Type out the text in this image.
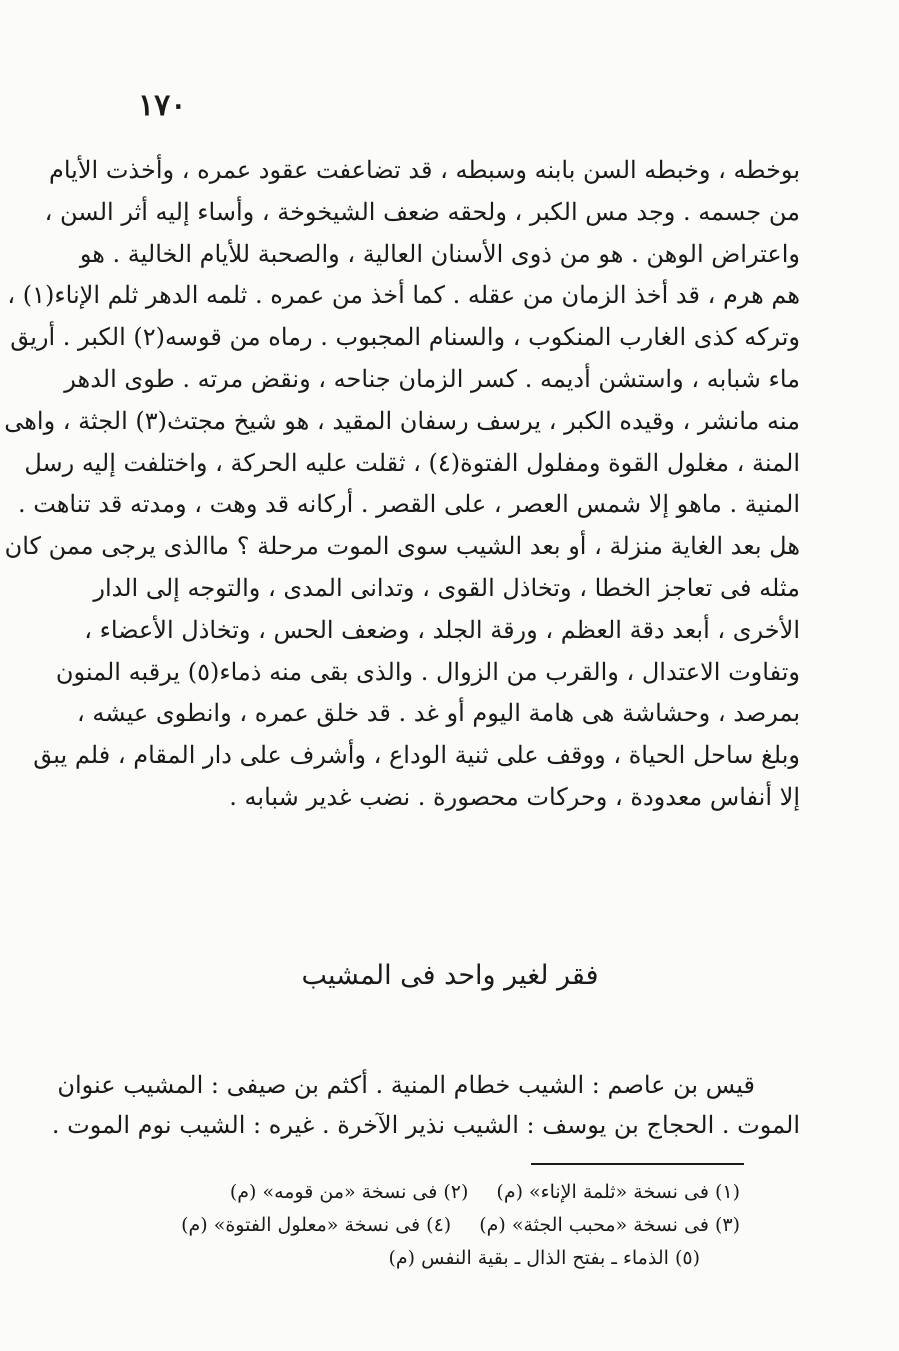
١٧٠
بوخطه ، وخبطه السن بابنه وسبطه ، قد تضاعفت عقود عمره ، وأخذت الأيام
من جسمه . وجد مس الكبر ، ولحقه ضعف الشيخوخة ، وأساء إليه أثر السن ،
واعتراض الوهن . هو من ذوى الأسنان العالية ، والصحبة للأيام الخالية . هو
هم هرم ، قد أخذ الزمان من عقله . كما أخذ من عمره . ثلمه الدهر ثلم الإناء(١) ،
وتركه كذى الغارب المنكوب ، والسنام المجبوب . رماه من قوسه(٢) الكبر . أريق
ماء شبابه ، واستشن أديمه . كسر الزمان جناحه ، ونقض مرته . طوى الدهر
منه مانشر ، وقيده الكبر ، يرسف رسفان المقيد ، هو شيخ مجتث(٣) الجثة ، واهى
المنة ، مغلول القوة ومفلول الفتوة(٤) ، ثقلت عليه الحركة ، واختلفت إليه رسل
المنية . ماهو إلا شمس العصر ، على القصر . أركانه قد وهت ، ومدته قد تناهت .
هل بعد الغاية منزلة ، أو بعد الشيب سوى الموت مرحلة ؟ ماالذى يرجى ممن كان
مثله فى تعاجز الخطا ، وتخاذل القوى ، وتدانى المدى ، والتوجه إلى الدار
الأخرى ، أبعد دقة العظم ، ورقة الجلد ، وضعف الحس ، وتخاذل الأعضاء ،
وتفاوت الاعتدال ، والقرب من الزوال . والذى بقى منه ذماء(٥) يرقبه المنون
بمرصد ، وحشاشة هى هامة اليوم أو غد . قد خلق عمره ، وانطوى عيشه ،
وبلغ ساحل الحياة ، ووقف على ثنية الوداع ، وأشرف على دار المقام ، فلم يبق
إلا أنفاس معدودة ، وحركات محصورة . نضب غدير شبابه .
فقر لغير واحد فى المشيب
قيس بن عاصم : الشيب خطام المنية . أكثم بن صيفى : المشيب عنوان
الموت . الحجاج بن يوسف : الشيب نذير الآخرة . غيره : الشيب نوم الموت .
(١) فى نسخة «ثلمة الإناء» (م)(٢) فى نسخة «من قومه» (م)
(٣) فى نسخة «محبب الجثة» (م)(٤) فى نسخة «معلول الفتوة» (م)
(٥) الذماء ـ بفتح الذال ـ بقية النفس (م)
